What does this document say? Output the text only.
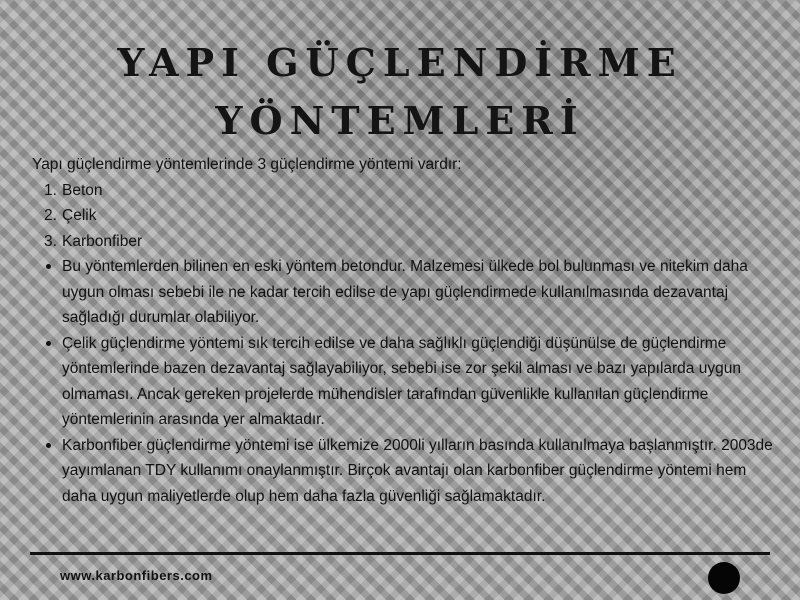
YAPI GÜÇLENDİRME
YÖNTEMLERİ
Yapı güçlendirme yöntemlerinde 3 güçlendirme yöntemi vardır:
1. Beton
2. Çelik
3. Karbonfiber
Bu yöntemlerden bilinen en eski yöntem betondur. Malzemesi ülkede bol bulunması ve nitekim daha uygun olması sebebi ile ne kadar tercih edilse de yapı güçlendirmede kullanılmasında dezavantaj sağladığı durumlar olabiliyor.
Çelik güçlendirme yöntemi sık tercih edilse ve daha sağlıklı güçlendiği düşünülse de güçlendirme yöntemlerinde bazen dezavantaj sağlayabiliyor, sebebi ise zor şekil alması ve bazı yapılarda uygun olmaması. Ancak gereken projelerde mühendisler tarafından güvenlikle kullanılan güçlendirme yöntemlerinin arasında yer almaktadır.
Karbonfiber güçlendirme yöntemi ise ülkemize 2000li yılların basında kullanılmaya başlanmıştır. 2003de yayımlanan TDY kullanımı onaylanmıştır. Birçok avantajı olan karbonfiber güçlendirme yöntemi hem daha uygun maliyetlerde olup hem daha fazla güvenliği sağlamaktadır.
www.karbonfibers.com
